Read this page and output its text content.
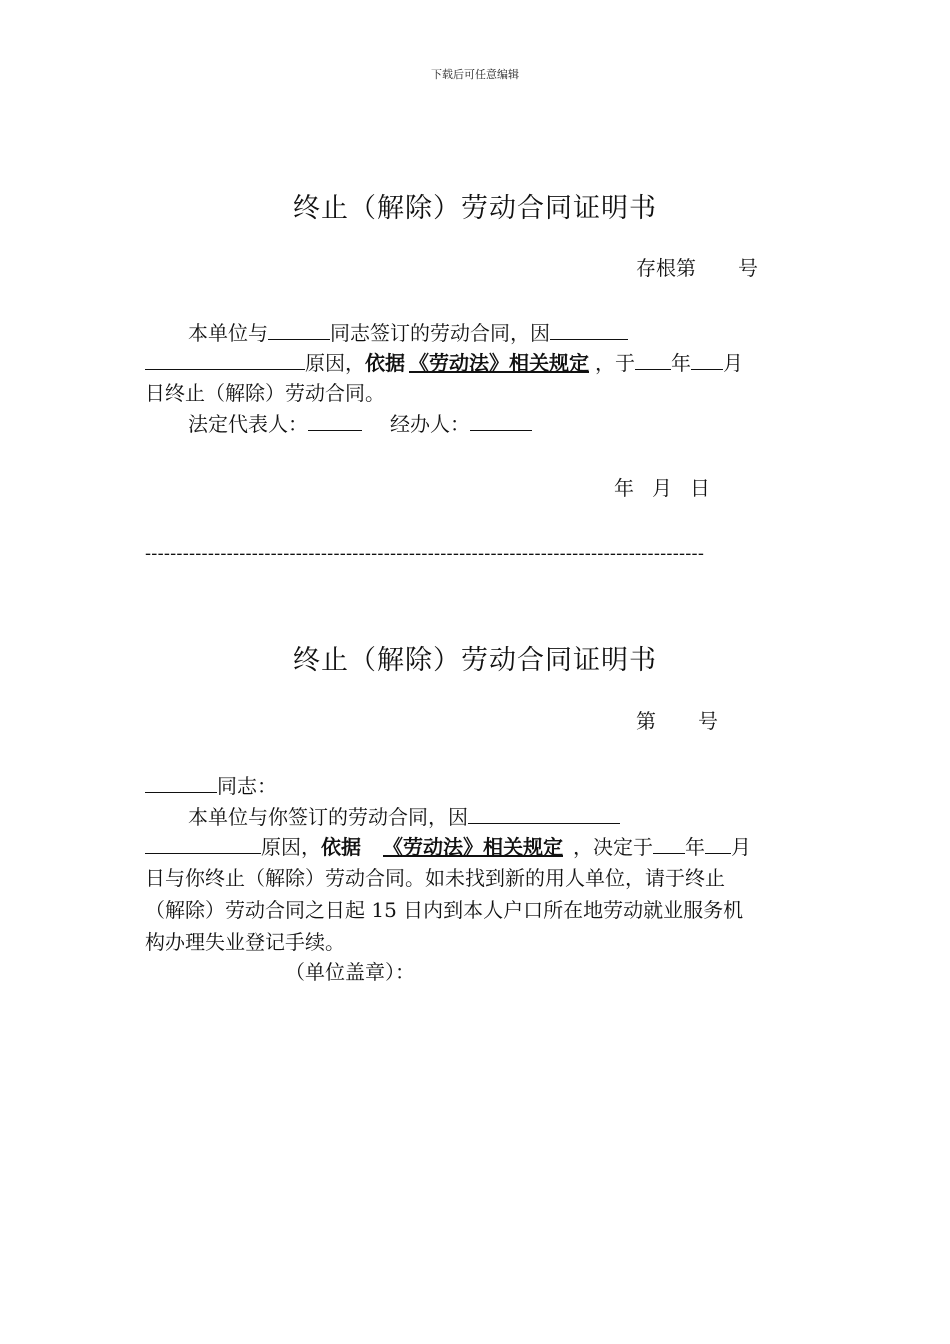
下载后可任意编辑
终止（解除）劳动合同证明书
存根第 号
本单位与	同志签订的劳动合同，因
原因，依据 《劳动法》相关规定 ，于 年 月
日终止（解除）劳动合同。
法定代表人：	经办人：
年 月 日
-----------------------------------------------------------------------------------------
终止（解除）劳动合同证明书
第 号
同志：
本单位与你签订的劳动合同，因
原因，依据 《劳动法》相关规定 ，决定于 年 月
日与你终止（解除）劳动合同。如未找到新的用人单位，请于终止
（解除）劳动合同之日起 15 日内到本人户口所在地劳动就业服务机
构办理失业登记手续。
（单位盖章）：
